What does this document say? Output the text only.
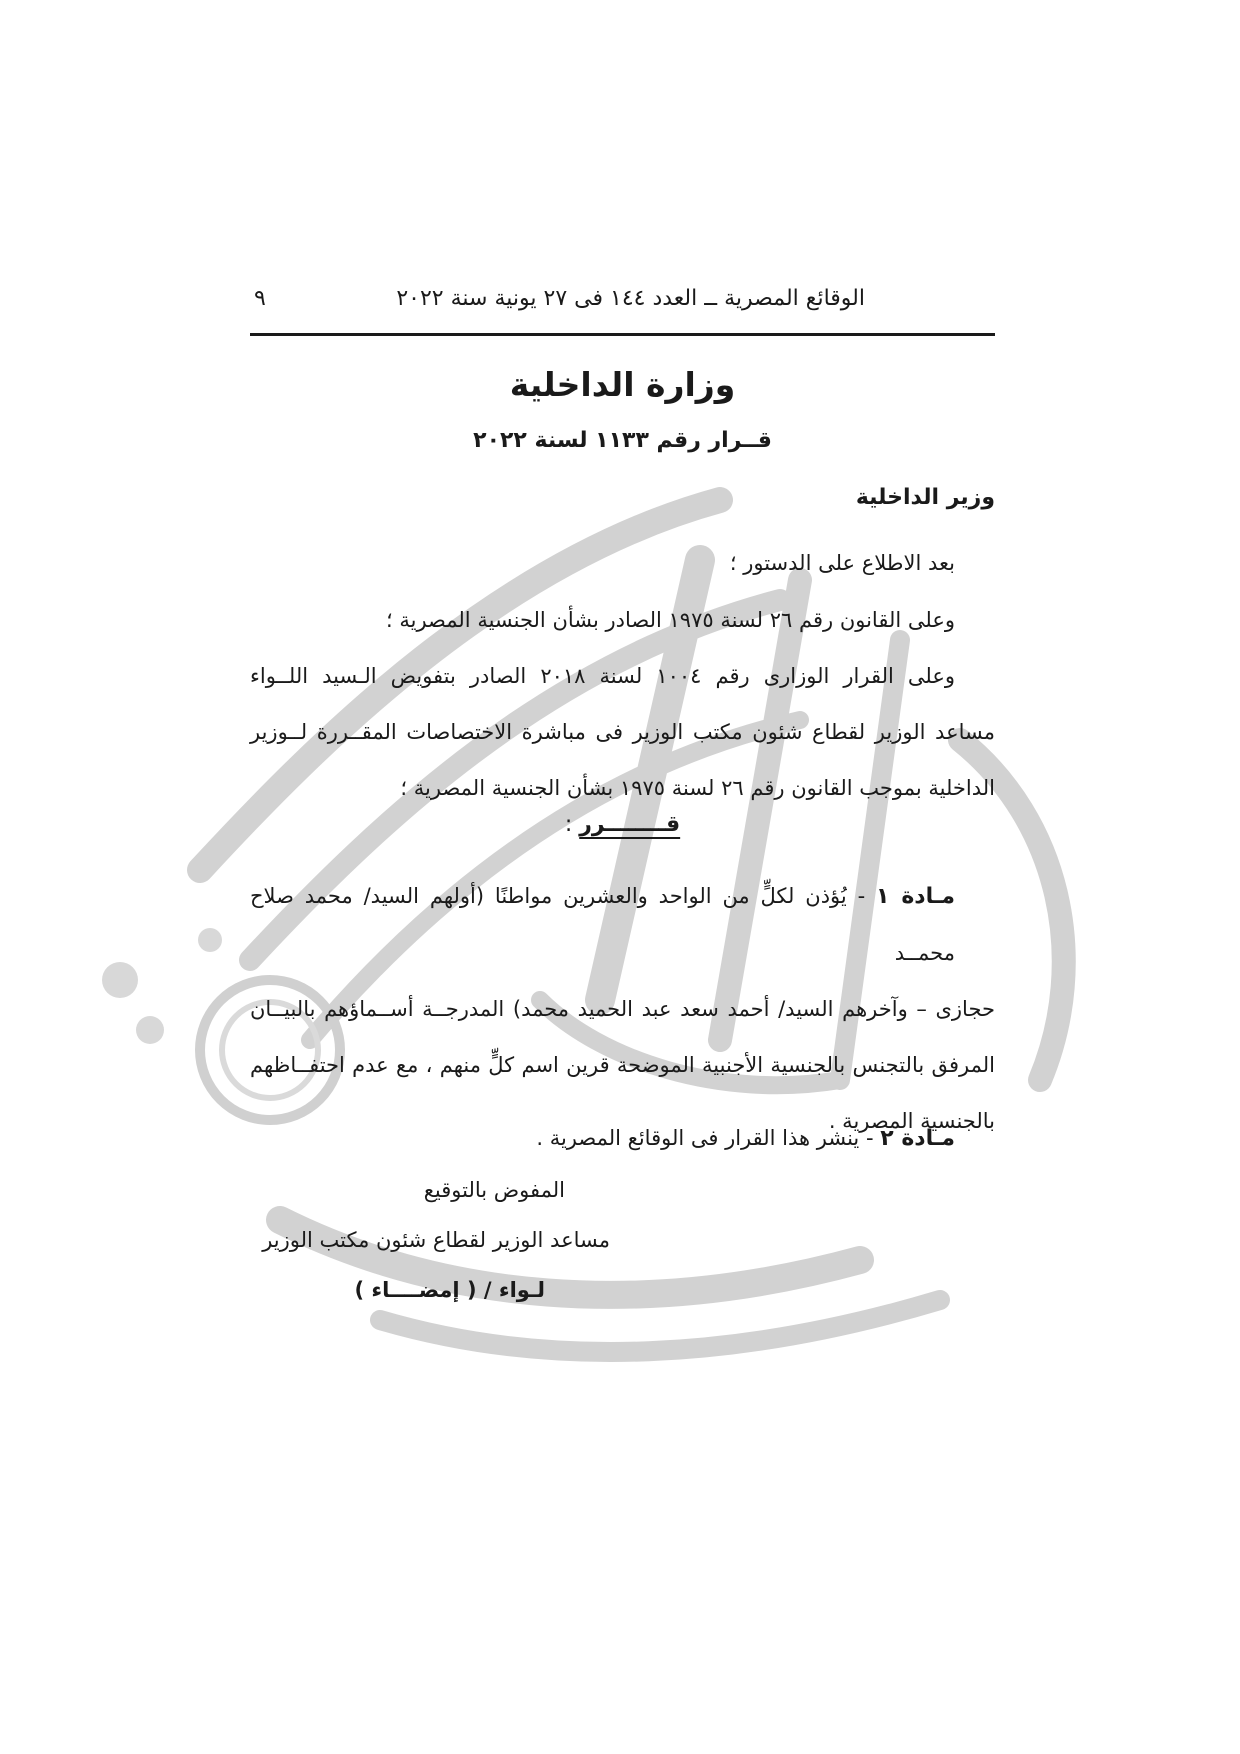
الوقائع المصرية ــ العدد ١٤٤ فى ٢٧ يونية سنة ٢٠٢٢
٩
وزارة الداخلية
قــرار رقم ١١٣٣ لسنة ٢٠٢٢
وزير الداخلية
بعد الاطلاع على الدستور ؛
وعلى القانون رقم ٢٦ لسنة ١٩٧٥ الصادر بشأن الجنسية المصرية ؛
وعلى القرار الوزارى رقم ١٠٠٤ لسنة ٢٠١٨ الصادر بتفويض الـسيد اللــواء
مساعد الوزير لقطاع شئون مكتب الوزير فى مباشرة الاختصاصات المقــررة لــوزير
الداخلية بموجب القانون رقم ٢٦ لسنة ١٩٧٥ بشأن الجنسية المصرية ؛
قــــــــرر :
مـادة ١ - يُؤذن لكلٍّ من الواحد والعشرين مواطنًا (أولهم السيد/ محمد صلاح محمــد
حجازى – وآخرهم السيد/ أحمد سعد عبد الحميد محمد) المدرجــة أســماؤهم بالبيــان
المرفق بالتجنس بالجنسية الأجنبية الموضحة قرين اسم كلٍّ منهم ، مع عدم احتفــاظهم
بالجنسية المصرية .
مـادة ٢ - ينشر هذا القرار فى الوقائع المصرية .
المفوض بالتوقيع
مساعد الوزير لقطاع شئون مكتب الوزير
لـواء / ( إمضــــاء )
